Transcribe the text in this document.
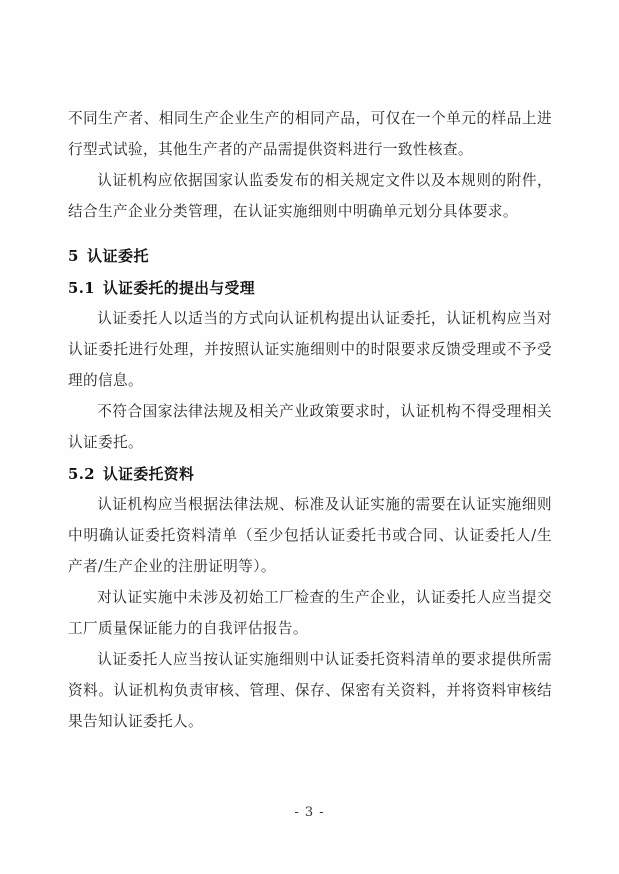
不同生产者、相同生产企业生产的相同产品，可仅在一个单元的样品上进行型式试验，其他生产者的产品需提供资料进行一致性核查。

认证机构应依据国家认监委发布的相关规定文件以及本规则的附件，结合生产企业分类管理，在认证实施细则中明确单元划分具体要求。

5 认证委托
5.1 认证委托的提出与受理

认证委托人以适当的方式向认证机构提出认证委托，认证机构应当对认证委托进行处理，并按照认证实施细则中的时限要求反馈受理或不予受理的信息。

不符合国家法律法规及相关产业政策要求时，认证机构不得受理相关认证委托。

5.2 认证委托资料

认证机构应当根据法律法规、标准及认证实施的需要在认证实施细则中明确认证委托资料清单（至少包括认证委托书或合同、认证委托人/生产者/生产企业的注册证明等）。

对认证实施中未涉及初始工厂检查的生产企业，认证委托人应当提交工厂质量保证能力的自我评估报告。

认证委托人应当按认证实施细则中认证委托资料清单的要求提供所需资料。认证机构负责审核、管理、保存、保密有关资料，并将资料审核结果告知认证委托人。

- 3 -
